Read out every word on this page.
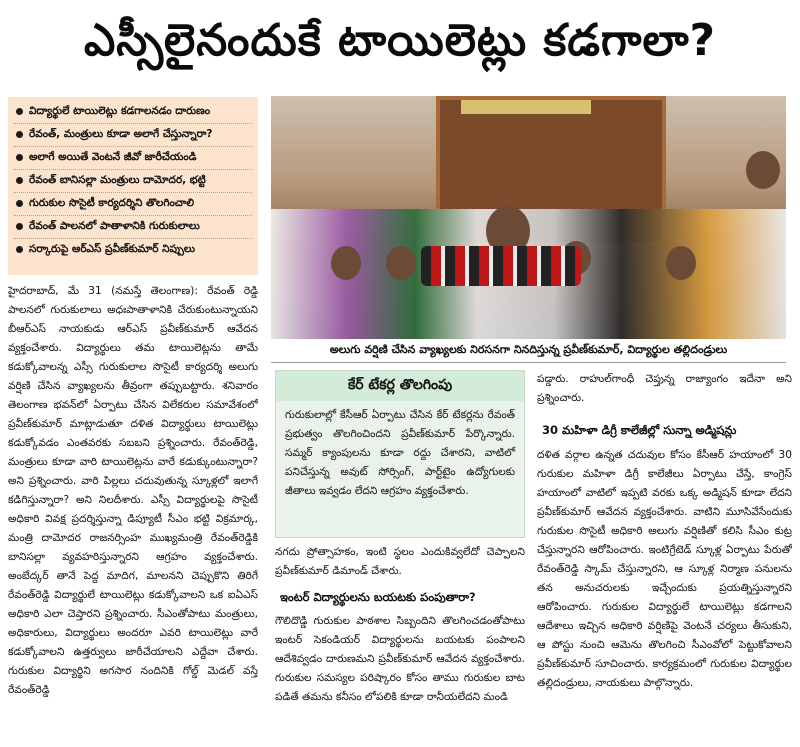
ఎస్సీలైనందుకే టాయిలెట్లు కడగాలా?
విద్యార్థులే టాయిలెట్లు కడగాలనడం దారుణం
రేవంత్, మంత్రులు కూడా అలాగే చేస్తున్నారా?
అలాగే అయితే వెంటనే జీవో జారీచేయండి
రేవంత్ బానిసల్లా మంత్రులు దామోదర, భట్టి
గురుకుల సొసైటీ కార్యదర్శిని తొలగించాలి
రేవంత్ పాలనలో పాతాళానికి గురుకులాలు
సర్కారుపై ఆర్ఎస్ ప్రవీణ్‌కుమార్ నిప్పులు
అలుగు వర్షిణి చేసిన వ్యాఖ్యలకు నిరసనగా నినదిస్తున్న ప్రవీణ్‌కుమార్, విద్యార్థుల తల్లిదండ్రులు

హైదరాబాద్, మే 31 (నమస్తే తెలంగాణ): రేవంత్ రెడ్డి పాలనలో గురుకులాలు అధఃపాతాళానికి చేరుకుంటున్నాయని బీఆర్ఎస్ నాయకుడు ఆర్ఎస్ ప్రవీణ్‌కుమార్ ఆవేదన వ్యక్తంచేశారు. విద్యార్థులు తమ టాయిలెట్లను తామే కడుక్కోవాలన్న ఎస్సీ గురుకులాల సొసైటీ కార్యదర్శి అలుగు వర్షిణి చేసిన వ్యాఖ్యలను తీవ్రంగా తప్పుబట్టారు. శనివారం తెలంగాణ భవన్‌లో ఏర్పాటు చేసిన విలేకరుల సమావేశంలో ప్రవీణ్‌కుమార్ మాట్లాడుతూ దళిత విద్యార్థులు టాయిలెట్లు కడుక్కోవడం ఎంతవరకు సబబని ప్రశ్నించారు. రేవంత్‌రెడ్డి, మంత్రులు కూడా వారి టాయిలెట్లను వారే కడుక్కుంటున్నారా? అని ప్రశ్నించారు. వారి పిల్లలు చదువుతున్న స్కూళ్లలో ఇలాగే కడిగిస్తున్నారా? అని నిలదీశారు. ఎస్సీ విద్యార్థులపై సొసైటీ అధికారి వివక్ష ప్రదర్శిస్తున్నా డిప్యూటీ సీఎం భట్టి విక్రమార్క, మంత్రి దామోదర రాజనర్సింహ ముఖ్యమంత్రి రేవంత్‌రెడ్డికి బానిసల్లా వ్యవహరిస్తున్నారని ఆగ్రహం వ్యక్తంచేశారు. అంబేద్కర్ తానే పెద్ద మాదిగ, మాలనని చెప్పుకొని తిరిగే రేవంత్‌రెడ్డి విద్యార్థులే టాయిలెట్లు కడుక్కోవాలని ఒక ఐఏఎస్ అధికారి ఎలా చెప్తారని ప్రశ్నించారు. సీఎంతోపాటు మంత్రులు, అధికారులు, విద్యార్థులు అందరూ ఎవరి టాయిలెట్లు వారే కడుక్కోవాలని ఉత్తర్వులు జారీచేయాలని ఎద్దేవా చేశారు. గురుకుల విద్యార్థిని అగసార నందినికి గోల్డ్ మెడల్ వస్తే రేవంత్‌రెడ్డి

కేర్ టేకర్ల తొలగింపు
గురుకులాల్లో కేసీఆర్ ఏర్పాటు చేసిన కేర్ టేకర్లను రేవంత్ ప్రభుత్వం తొలగించిందని ప్రవీణ్‌కుమార్ పేర్కొన్నారు. సమ్మర్ క్యాంపులను కూడా రద్దు చేశారని, వాటిలో పనిచేస్తున్న అవుట్ సోర్సింగ్, పార్ట్‌టైం ఉద్యోగులకు జీతాలు ఇవ్వడం లేదని ఆగ్రహం వ్యక్తంచేశారు.

నగదు ప్రోత్సాహకం, ఇంటి స్థలం ఎందుకివ్వలేదో చెప్పాలని ప్రవీణ్‌కుమార్ డిమాండ్ చేశారు.

ఇంటర్ విద్యార్థులను బయటకు పంపుతారా?

గౌలిదొడ్డి గురుకుల పాఠశాల సిబ్బందిని తొలగించడంతోపాటు ఇంటర్ సెకండియర్ విద్యార్థులను బయటకు పంపాలని ఆదేశివ్వడం దారుణమని ప్రవీణ్‌కుమార్ ఆవేదన వ్యక్తంచేశారు. గురుకుల సమస్యల పరిష్కారం కోసం తాము గురుకుల బాట పడితే తమను కనీసం లోపలికి కూడా రానీయలేదని మండి

పడ్డారు. రాహుల్‌గాంధీ చెప్తున్న రాజ్యాంగం ఇదేనా అని ప్రశ్నించారు.

30 మహిళా డిగ్రీ కాలేజీల్లో సున్నా అడ్మిషన్లు

దళిత వర్గాల ఉన్నత చదువుల కోసం కేసీఆర్ హయాంలో 30 గురుకుల మహిళా డిగ్రీ కాలేజీలు ఏర్పాటు చేస్తే, కాంగ్రెస్ హయాంలో వాటిలో ఇప్పటి వరకు ఒక్క అడ్మిషన్ కూడా లేదని ప్రవీణ్‌కుమార్ ఆవేదన వ్యక్తంచేశారు. వాటిని మూసివేసేందుకు గురుకుల సొసైటీ అధికారి అలుగు వర్షిణితో కలిసి సీఎం కుట్ర చేస్తున్నారని ఆరోపించారు. ఇంటిగ్రేటెడ్ స్కూళ్ల ఏర్పాటు పేరుతో రేవంత్‌రెడ్డి స్కామ్ చేస్తున్నారని, ఆ స్కూళ్ల నిర్మాణ పనులను తన అనుచరులకు ఇచ్చేందుకు ప్రయత్నిస్తున్నారని ఆరోపించారు. గురుకుల విద్యార్థులే టాయిలెట్లు కడగాలని ఆదేశాలు ఇచ్చిన అధికారి వర్షిణిపై వెంటనే చర్యలు తీసుకుని, ఆ పోస్టు నుంచి ఆమెను తొలగించి సీఎంవోలో పెట్టుకోవాలని ప్రవీణ్‌కుమార్ సూచించారు. కార్యక్రమంలో గురుకుల విద్యార్థుల తల్లిదండ్రులు, నాయకులు పాల్గొన్నారు.
